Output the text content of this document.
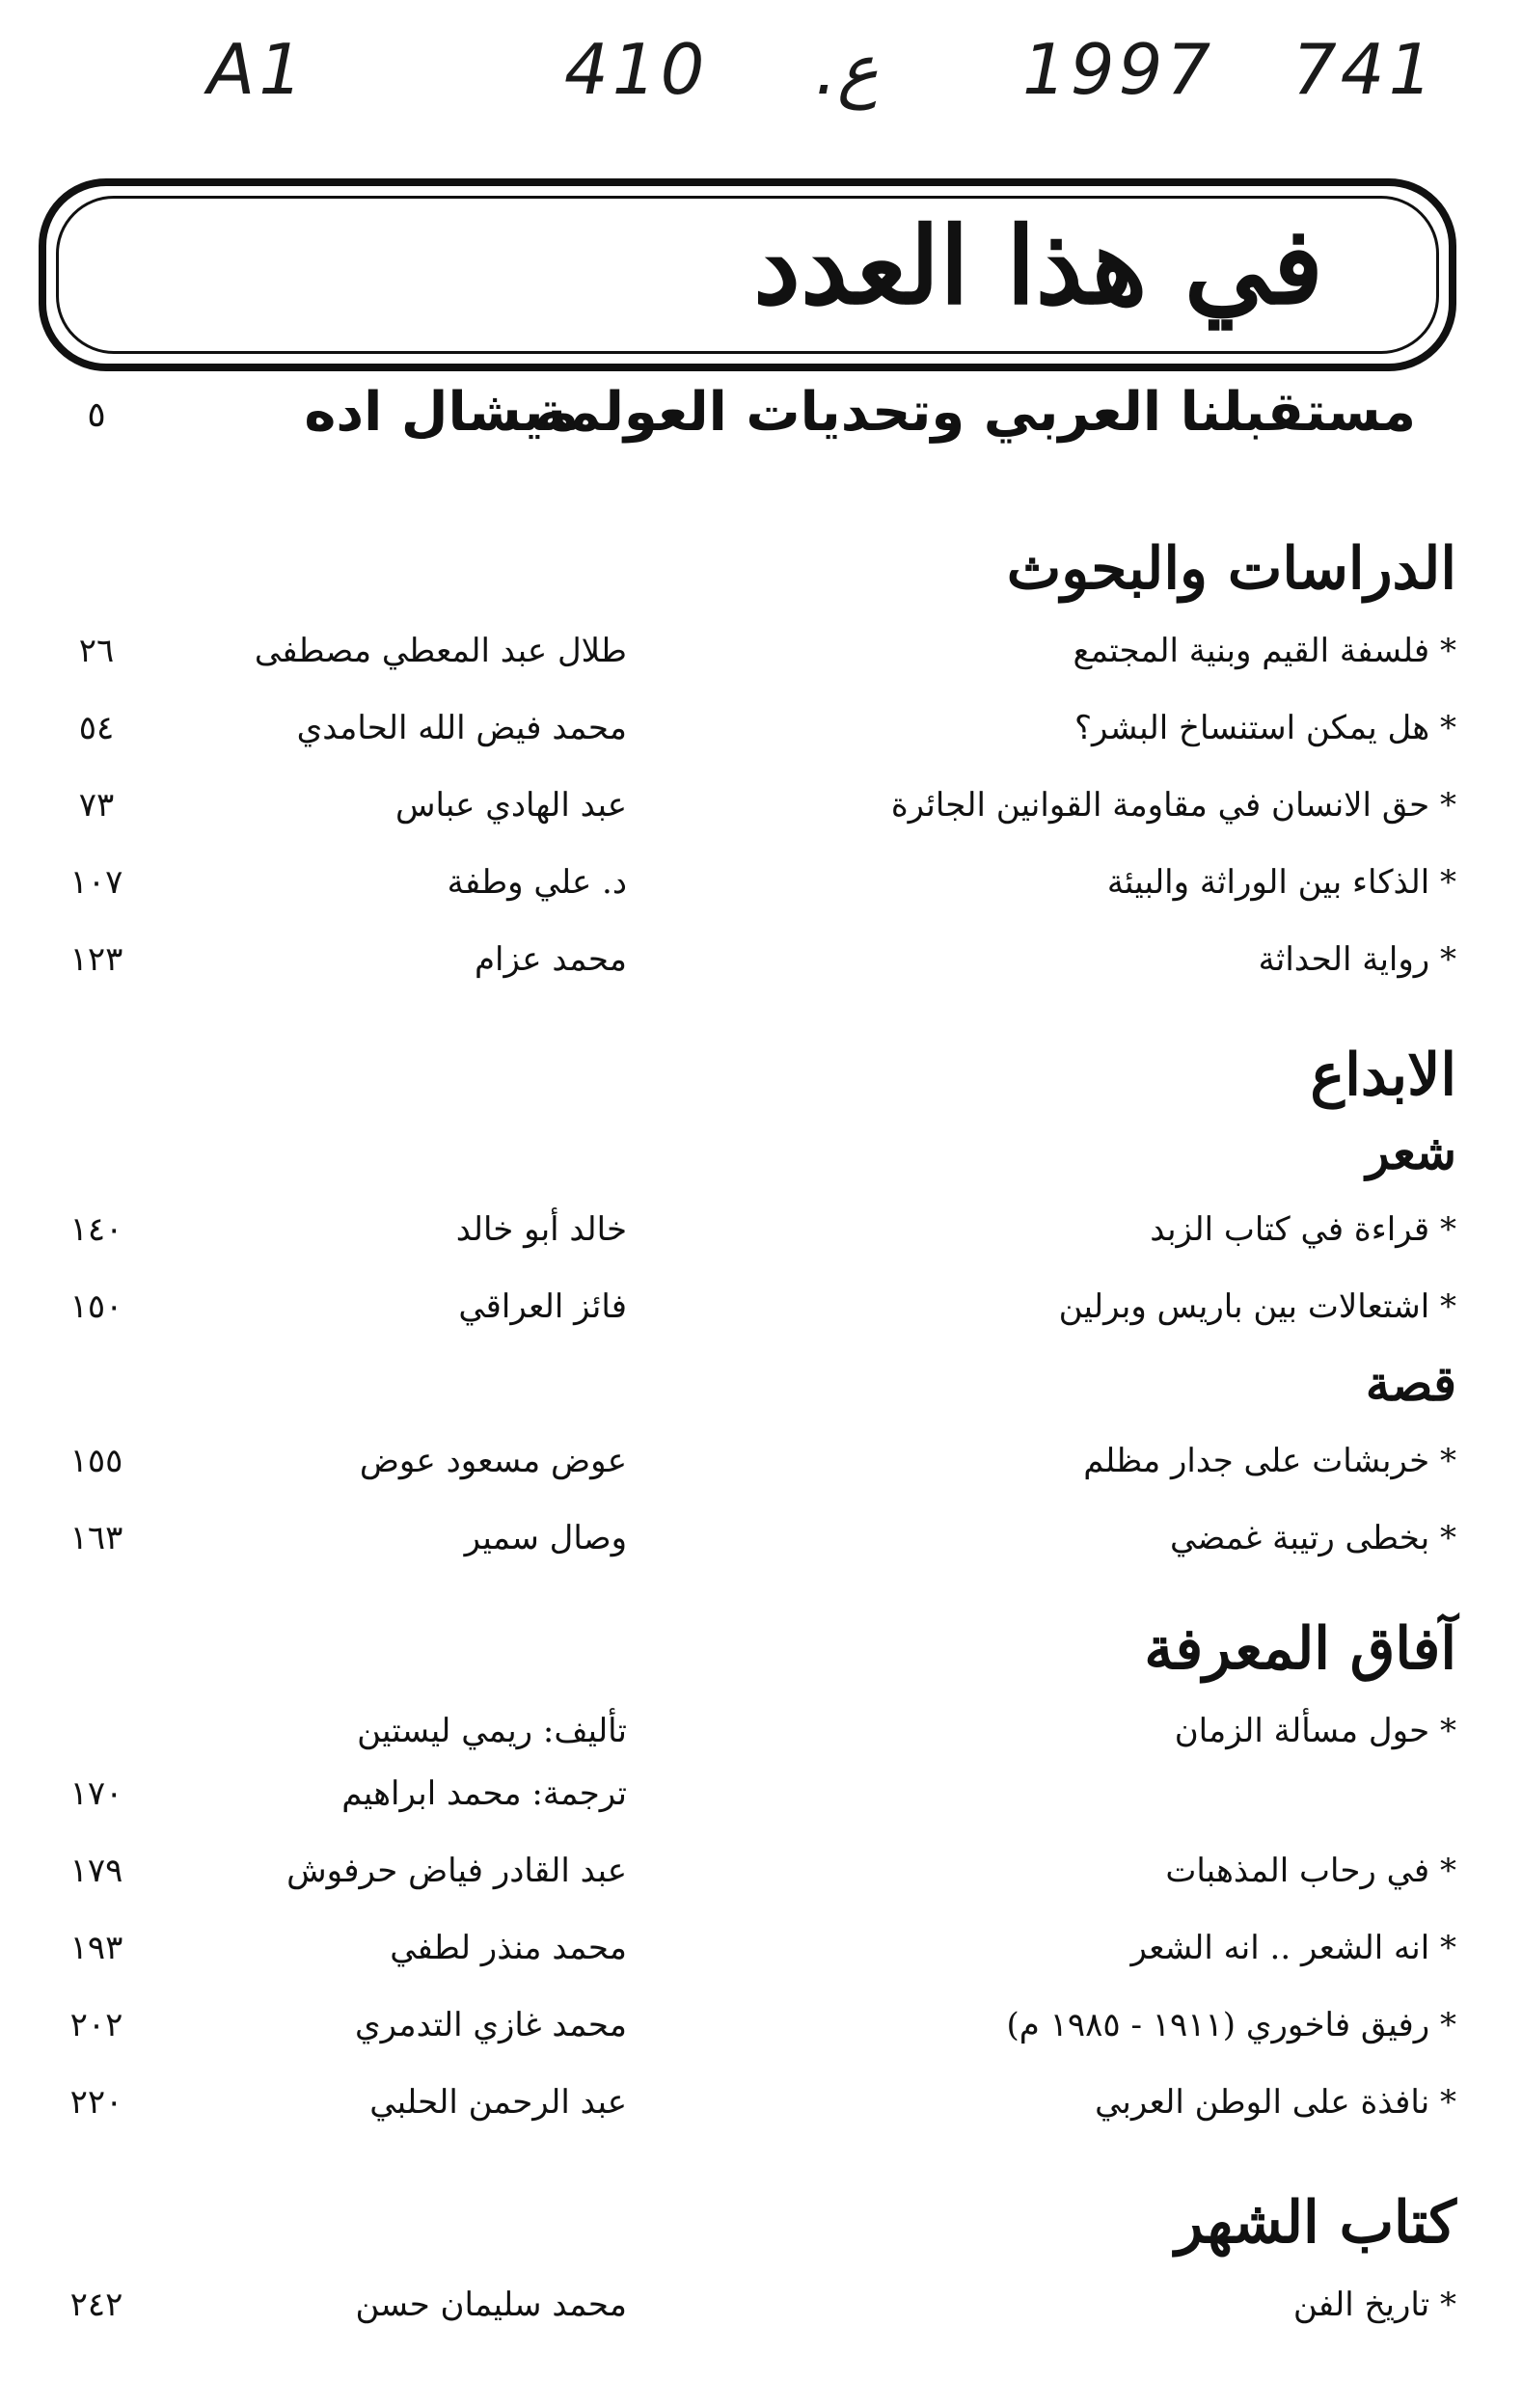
A1	410 .ع 1997 741
في هذا العدد
مستقبلنا العربي وتحديات العولمة
ميشال اده
٥
الدراسات والبحوث
* فلسفة القيم وبنية المجتمع
طلال عبد المعطي مصطفى
٢٦
* هل يمكن استنساخ البشر؟
محمد فيض الله الحامدي
٥٤
* حق الانسان في مقاومة القوانين الجائرة
عبد الهادي عباس
٧٣
* الذكاء بين الوراثة والبيئة
د. علي وطفة
١٠٧
* رواية الحداثة
محمد عزام
١٢٣
الابداع
شعر
* قراءة في كتاب الزبد
خالد أبو خالد
١٤٠
* اشتعالات بين باريس وبرلين
فائز العراقي
١٥٠
قصة
* خربشات على جدار مظلم
عوض مسعود عوض
١٥٥
* بخطى رتيبة غمضي
وصال سمير
١٦٣
آفاق المعرفة
* حول مسألة الزمان
تأليف: ريمي ليستين
ترجمة: محمد ابراهيم
١٧٠
* في رحاب المذهبات
عبد القادر فياض حرفوش
١٧٩
* انه الشعر .. انه الشعر
محمد منذر لطفي
١٩٣
* رفيق فاخوري (١٩١١ - ١٩٨٥ م)
محمد غازي التدمري
٢٠٢
* نافذة على الوطن العربي
عبد الرحمن الحلبي
٢٢٠
كتاب الشهر
* تاريخ الفن
محمد سليمان حسن
٢٤٢
